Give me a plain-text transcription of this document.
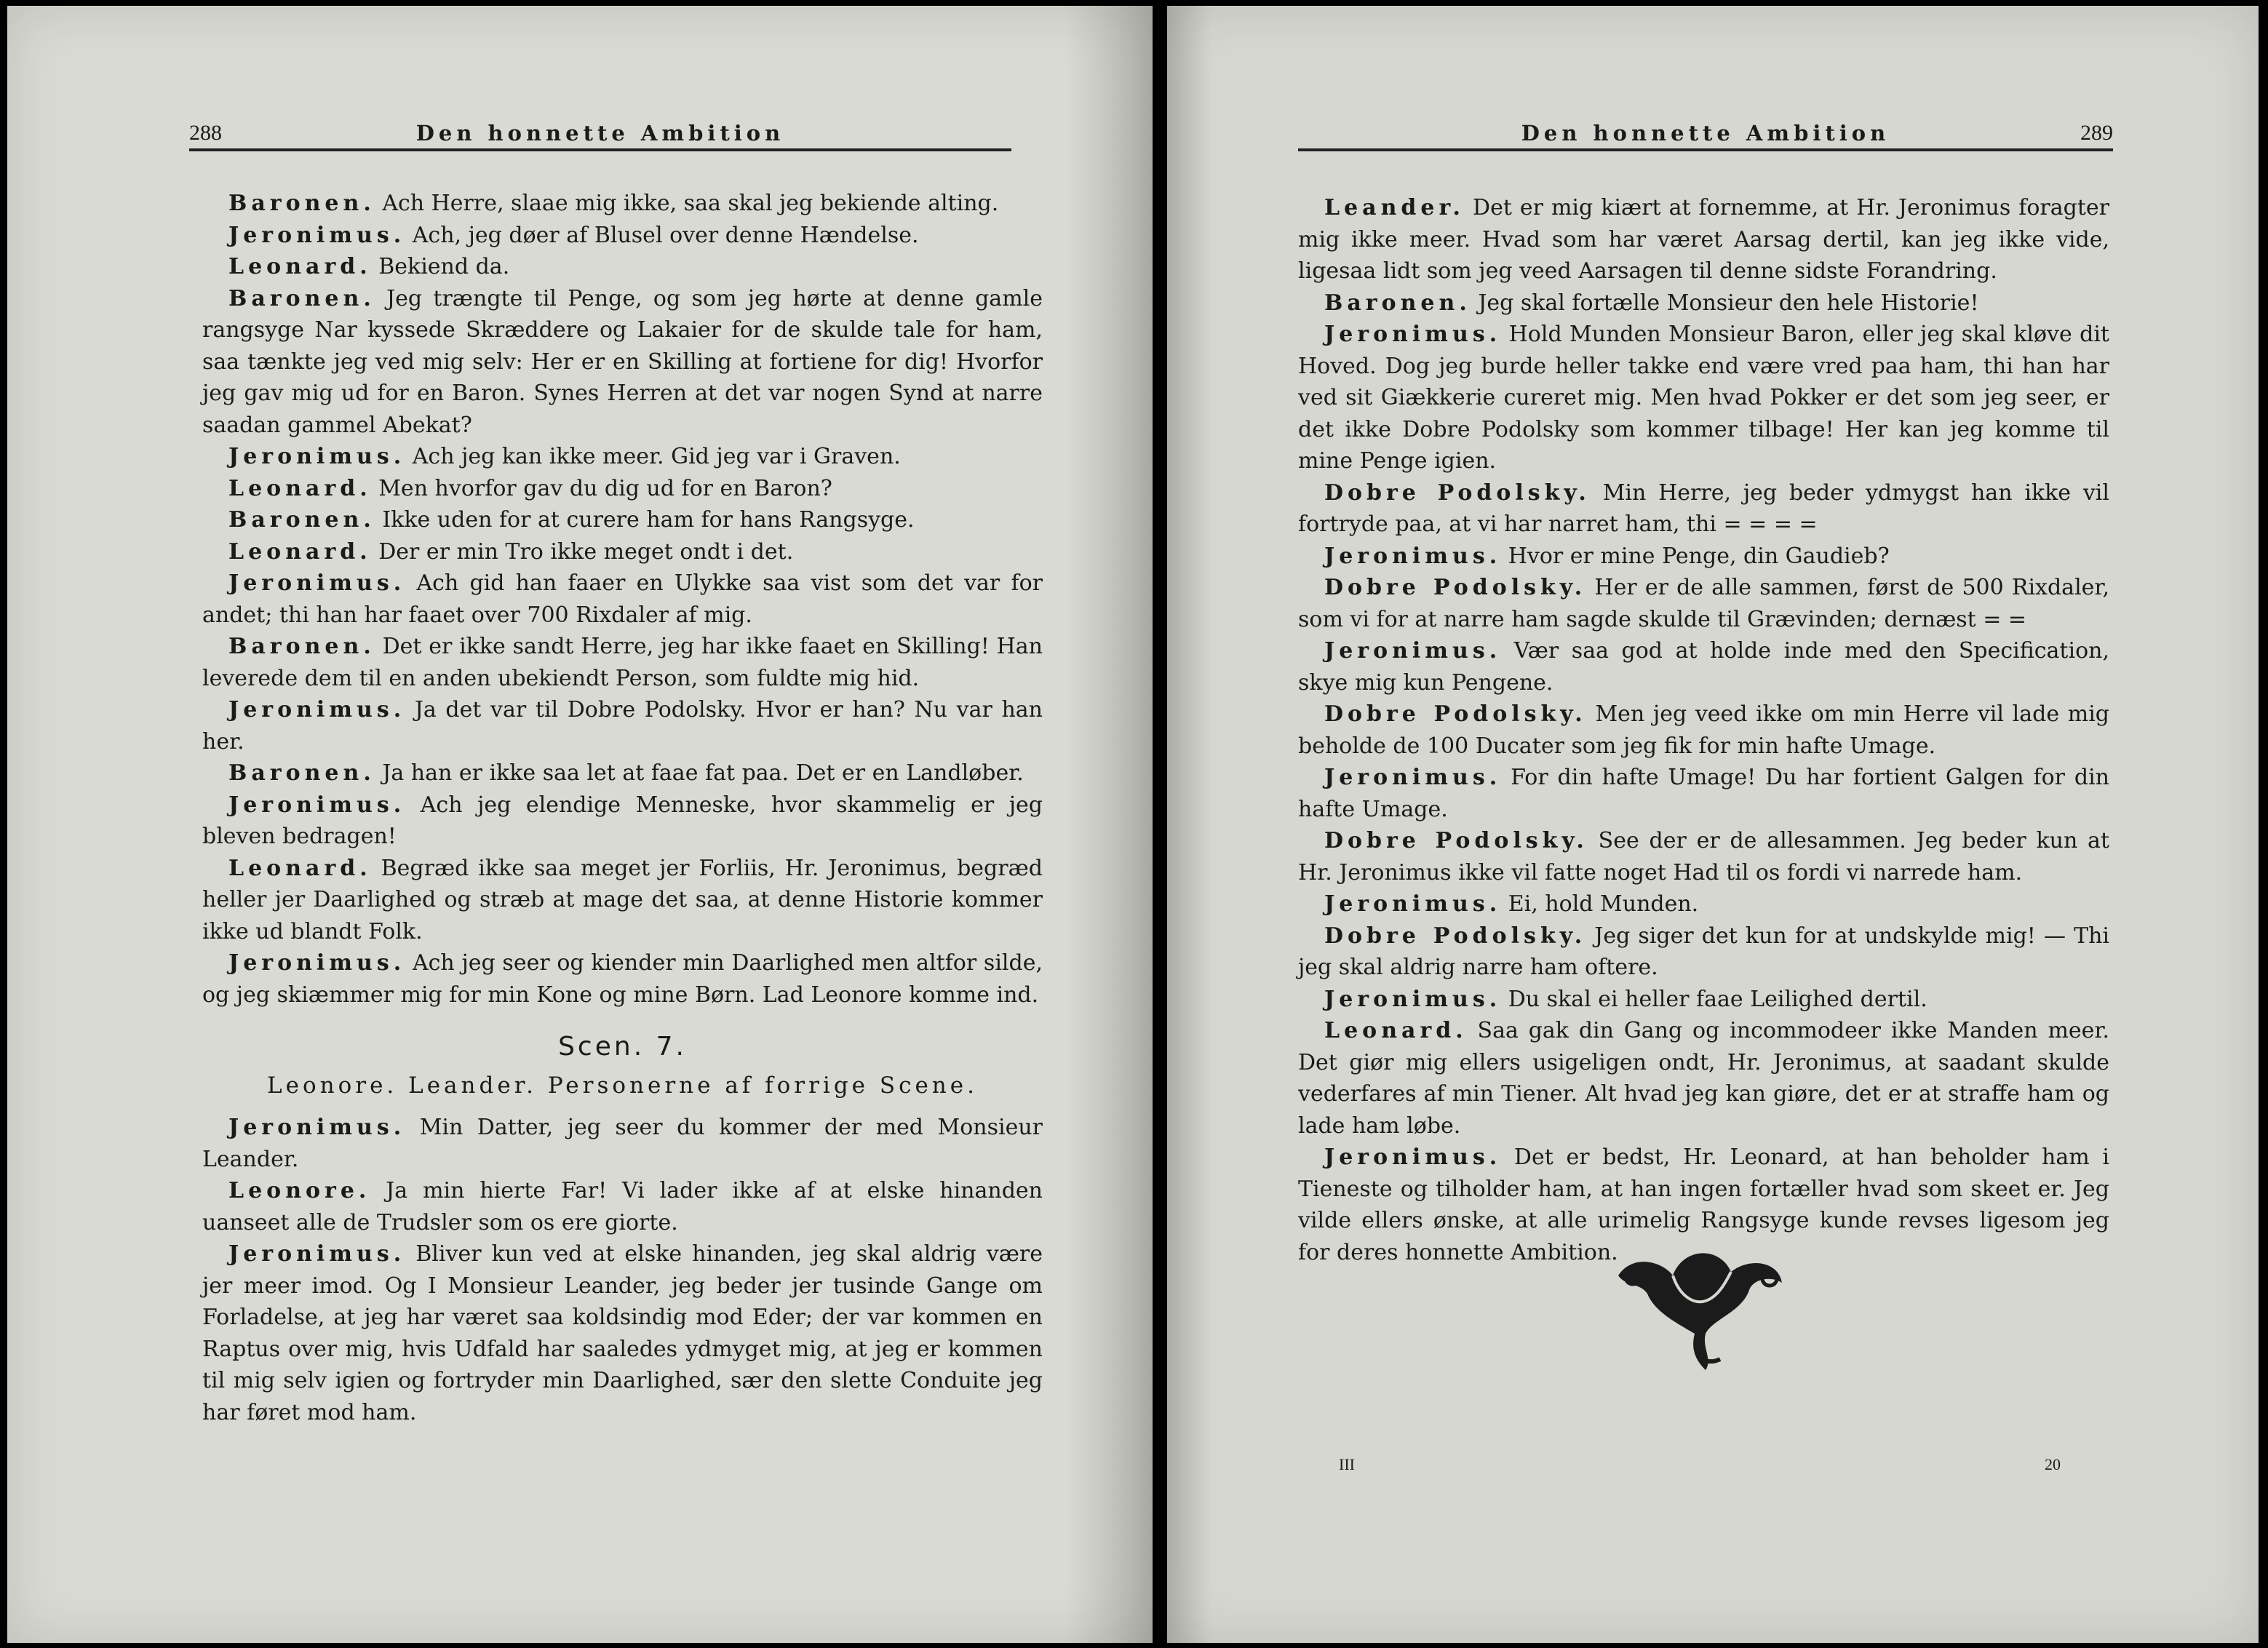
288	Den honnette Ambition

Baronen. Ach Herre, slaae mig ikke, saa skal jeg bekiende alting.

Jeronimus. Ach, jeg døer af Blusel over denne Hændelse.

Leonard. Bekiend da.

Baronen. Jeg trængte til Penge, og som jeg hørte at denne gamle rangsyge Nar kyssede Skræddere og Lakaier for de skulde tale for ham, saa tænkte jeg ved mig selv: Her er en Skilling at fortiene for dig! Hvorfor jeg gav mig ud for en Baron. Synes Herren at det var nogen Synd at narre saadan gammel Abekat?

Jeronimus. Ach jeg kan ikke meer. Gid jeg var i Graven.

Leonard. Men hvorfor gav du dig ud for en Baron?

Baronen. Ikke uden for at curere ham for hans Rangsyge.

Leonard. Der er min Tro ikke meget ondt i det.

Jeronimus. Ach gid han faaer en Ulykke saa vist som det var for andet; thi han har faaet over 700 Rixdaler af mig.

Baronen. Det er ikke sandt Herre, jeg har ikke faaet en Skilling! Han leverede dem til en anden ubekiendt Person, som fuldte mig hid.

Jeronimus. Ja det var til Dobre Podolsky. Hvor er han? Nu var han her.

Baronen. Ja han er ikke saa let at faae fat paa. Det er en Landløber.

Jeronimus. Ach jeg elendige Menneske, hvor skammelig er jeg bleven bedragen!

Leonard. Begræd ikke saa meget jer Forliis, Hr. Jeronimus, begræd heller jer Daarlighed og stræb at mage det saa, at denne Historie kommer ikke ud blandt Folk.

Jeronimus. Ach jeg seer og kiender min Daarlighed men altfor silde, og jeg skiæmmer mig for min Kone og mine Børn. Lad Leonore komme ind.

Scen. 7.
Leonore. Leander. Personerne af forrige Scene.

Jeronimus. Min Datter, jeg seer du kommer der med Monsieur Leander.

Leonore. Ja min hierte Far! Vi lader ikke af at elske hinanden uanseet alle de Trudsler som os ere giorte.

Jeronimus. Bliver kun ved at elske hinanden, jeg skal aldrig være jer meer imod. Og I Monsieur Leander, jeg beder jer tusinde Gange om Forladelse, at jeg har været saa koldsindig mod Eder; der var kommen en Raptus over mig, hvis Udfald har saaledes ydmyget mig, at jeg er kommen til mig selv igien og fortryder min Daarlighed, sær den slette Conduite jeg har føret mod ham.

Den honnette Ambition	289

Leander. Det er mig kiært at fornemme, at Hr. Jeronimus foragter mig ikke meer. Hvad som har været Aarsag dertil, kan jeg ikke vide, ligesaa lidt som jeg veed Aarsagen til denne sidste Forandring.

Baronen. Jeg skal fortælle Monsieur den hele Historie!

Jeronimus. Hold Munden Monsieur Baron, eller jeg skal kløve dit Hoved. Dog jeg burde heller takke end være vred paa ham, thi han har ved sit Giækkerie cureret mig. Men hvad Pokker er det som jeg seer, er det ikke Dobre Podolsky som kommer tilbage! Her kan jeg komme til mine Penge igien.

Dobre Podolsky. Min Herre, jeg beder ydmygst han ikke vil fortryde paa, at vi har narret ham, thi = = = =

Jeronimus. Hvor er mine Penge, din Gaudieb?

Dobre Podolsky. Her er de alle sammen, først de 500 Rixdaler, som vi for at narre ham sagde skulde til Grævinden; dernæst = =

Jeronimus. Vær saa god at holde inde med den Specification, skye mig kun Pengene.

Dobre Podolsky. Men jeg veed ikke om min Herre vil lade mig beholde de 100 Ducater som jeg fik for min hafte Umage.

Jeronimus. For din hafte Umage! Du har fortient Galgen for din hafte Umage.

Dobre Podolsky. See der er de allesammen. Jeg beder kun at Hr. Jeronimus ikke vil fatte noget Had til os fordi vi narrede ham.

Jeronimus. Ei, hold Munden.

Dobre Podolsky. Jeg siger det kun for at undskylde mig! — Thi jeg skal aldrig narre ham oftere.

Jeronimus. Du skal ei heller faae Leilighed dertil.

Leonard. Saa gak din Gang og incommodeer ikke Manden meer. Det giør mig ellers usigeligen ondt, Hr. Jeronimus, at saadant skulde vederfares af min Tiener. Alt hvad jeg kan giøre, det er at straffe ham og lade ham løbe.

Jeronimus. Det er bedst, Hr. Leonard, at han beholder ham i Tieneste og tilholder ham, at han ingen fortæller hvad som skeet er. Jeg vilde ellers ønske, at alle urimelig Rangsyge kunde revses ligesom jeg for deres honnette Ambition.

III	20
